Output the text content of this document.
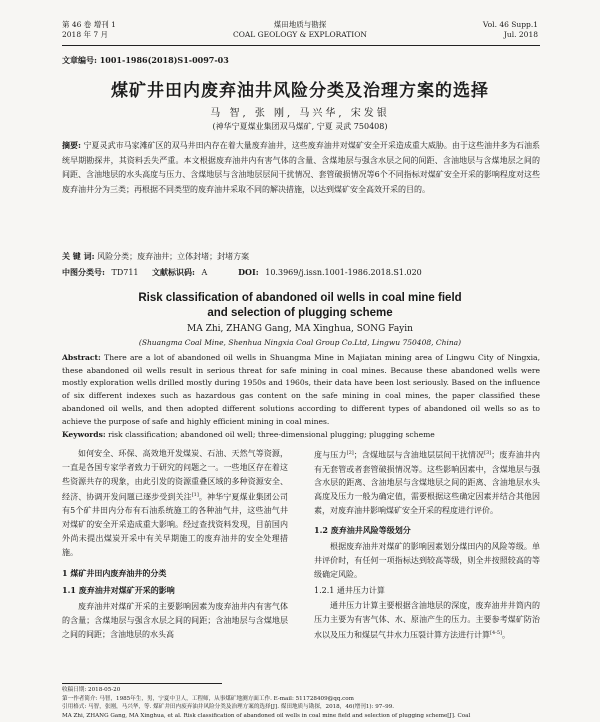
第 46 卷 增刊 1
2018 年 7 月
煤田地质与勘探
COAL GEOLOGY & EXPLORATION
Vol. 46 Supp.1
Jul. 2018
文章编号: 1001-1986(2018)S1-0097-03
煤矿井田内废弃油井风险分类及治理方案的选择
马 智, 张 刚, 马兴华, 宋发银
(神华宁夏煤业集团双马煤矿, 宁夏 灵武 750408)
摘要: 宁夏灵武市马家滩矿区的双马井田内存在着大量废弃油井，这些废弃油井对煤矿安全开采造成重大威胁。由于这些油井多为石油系统早期勘探井，其资料丢失严重。本文根据废弃油井内有害气体的含量、含煤地层与强含水层之间的间距、含油地层与含煤地层之间的间距、含油地层的水头高度与压力、含煤地层与含油地层层间干扰情况、套管破损情况等6个不同指标对煤矿安全开采的影响程度对这些废弃油井分为三类；再根据不同类型的废弃油井采取不同的解决措施，以达到煤矿安全高效开采的目的。
关 键 词: 风险分类；废弃油井；立体封堵；封堵方案
中图分类号: TD711 文献标识码: A	DOI: 10.3969/j.issn.1001-1986.2018.S1.020
Risk classification of abandoned oil wells in coal mine field and selection of plugging scheme
MA Zhi, ZHANG Gang, MA Xinghua, SONG Fayin
(Shuangma Coal Mine, Shenhua Ningxia Coal Group Co.Ltd, Lingwu 750408, China)
Abstract: There are a lot of abandoned oil wells in Shuangma Mine in Majiatan mining area of Lingwu City of Ningxia, these abandoned oil wells result in serious threat for safe mining in coal mines. Because these abandoned wells were mostly exploration wells drilled mostly during 1950s and 1960s, their data have been lost seriously. Based on the influence of six different indexes such as hazardous gas content on the safe mining in coal mines, the paper classified these abandoned oil wells, and then adopted different solutions according to different types of abandoned oil wells so as to achieve the purpose of safe and highly efficient mining in coal mines.
Keywords: risk classification; abandoned oil well; three-dimensional plugging; plugging scheme

如何安全、环保、高效地开发煤炭、石油、天然气等资源，一直是各国专家学者致力于研究的问题之一。一些地区存在着这些资源共存的现象，由此引发的资源重叠区域的多种资源安全、经济、协调开发问题已逐步受到关注[1]。神华宁夏煤业集团公司有5个矿井田内分布有石油系统施工的各种油气井，这些油气井对煤矿的安全开采造成重大影响。经过查找资料发现，目前国内外尚未提出煤炭开采中有关早期施工的废弃油井的安全处理措施。

1 煤矿井田内废弃油井的分类
1.1 废弃油井对煤矿开采的影响

废弃油井对煤矿开采的主要影响因素为废弃油井内有害气体的含量；含煤地层与强含水层之间的间距；含油地层与含煤地层之间的间距；含油地层的水头高

度与压力[2]；含煤地层与含油地层层间干扰情况[3]；废弃油井内有无套管或者套管破损情况等。这些影响因素中，含煤地层与强含水层的距离、含油地层与含煤地层之间的距离、含油地层水头高度及压力一般为确定值，需要根据这些确定因素并结合其他因素，对废弃油井影响煤矿安全开采的程度进行评价。

1.2 废弃油井风险等级划分

根据废弃油井对煤矿的影响因素划分煤田内的风险等级。单井评价时，有任何一项指标达到较高等级，则全井按照较高的等级确定风险。

1.2.1 通井压力计算

通井压力计算主要根据含油地层的深度，废弃油井井筒内的压力主要为有害气体、水、原油产生的压力。主要参考煤矿防治水以及压力和煤层气井水力压裂计算方法进行计算[4-5]。

收稿日期: 2018-05-20
第一作者简介: 马智，1985年生，男，宁夏中卫人，工程师，从事煤矿地测方面工作. E-mail: 511728409@qq.com
引用格式: 马智，张刚，马兴华，等. 煤矿井田内废弃油井风险分类及治理方案的选择[J]. 煤田地质与勘探，2018，46(增刊1): 97–99.
MA Zhi, ZHANG Gang, MA Xinghua, et al. Risk classification of abandoned oil wells in coal mine field and selection of plugging scheme[J]. Coal
